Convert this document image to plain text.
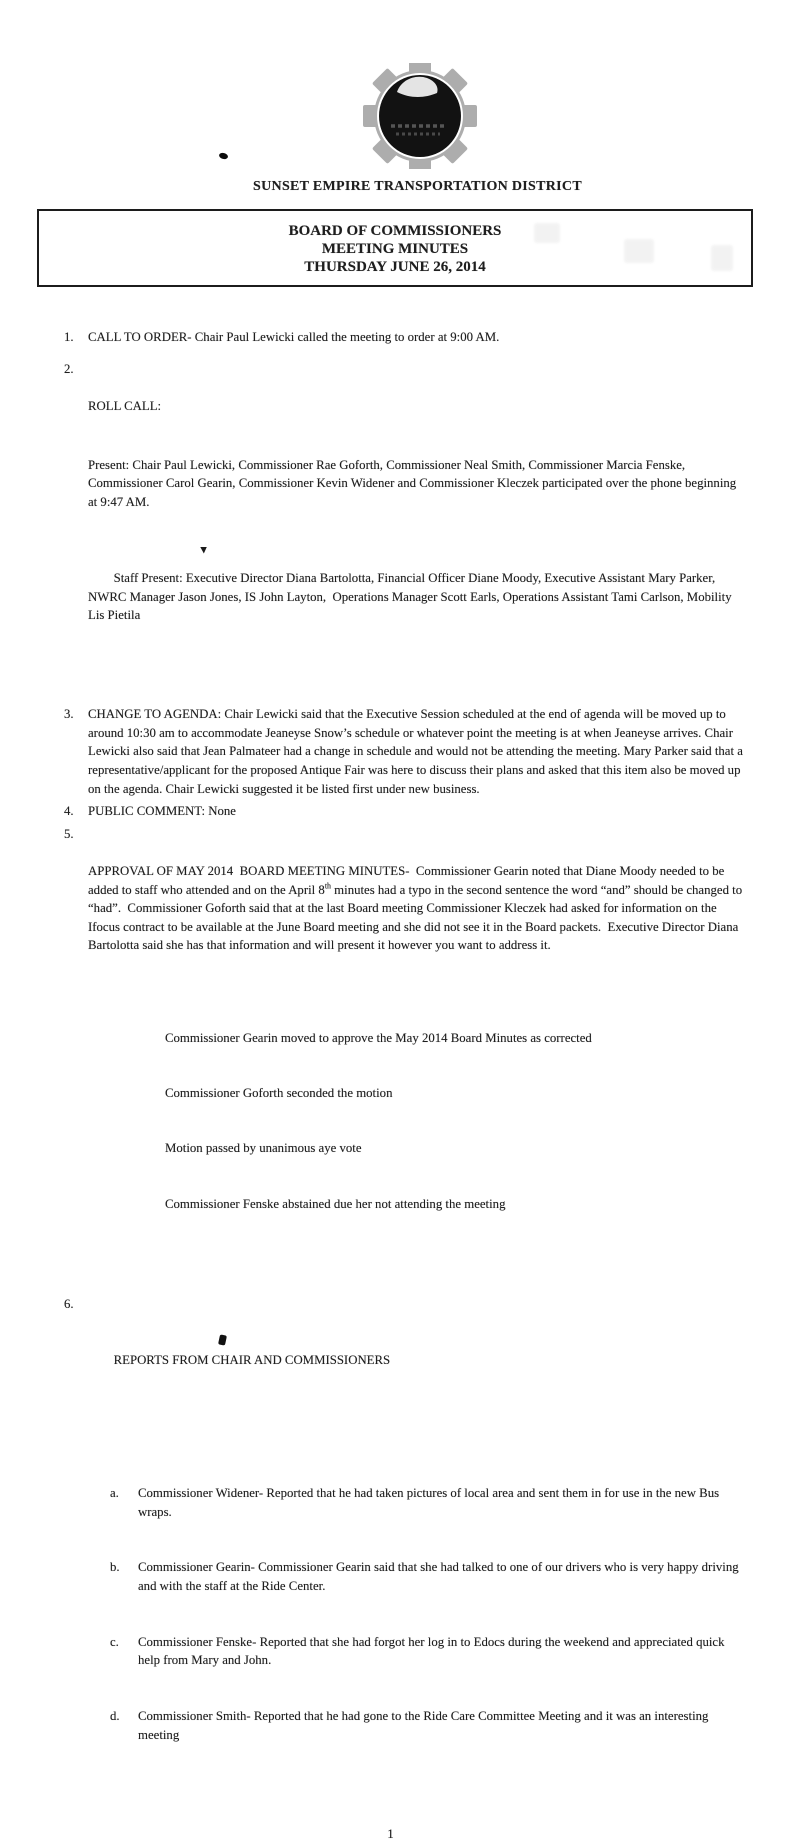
SUNSET EMPIRE TRANSPORTATION DISTRICT
BOARD OF COMMISSIONERS
MEETING MINUTES
THURSDAY JUNE 26, 2014
1.	CALL TO ORDER- Chair Paul Lewicki called the meeting to order at 9:00 AM.
2.

ROLL CALL:

Present: Chair Paul Lewicki, Commissioner Rae Goforth, Commissioner Neal Smith, Commissioner Marcia Fenske, Commissioner Carol Gearin, Commissioner Kevin Widener and Commissioner Kleczek participated over the phone beginning at 9:47 AM.

Staff Present: Executive Director Diana Bartolotta, Financial Officer Diane Moody, Executive Assistant Mary Parker, NWRC Manager Jason Jones, IS John Layton,  Operations Manager Scott Earls, Operations Assistant Tami Carlson, Mobility Lis Pietila

3.	CHANGE TO AGENDA: Chair Lewicki said that the Executive Session scheduled at the end of agenda will be moved up to around 10:30 am to accommodate Jeaneyse Snow’s schedule or whatever point the meeting is at when Jeaneyse arrives. Chair Lewicki also said that Jean Palmateer had a change in schedule and would not be attending the meeting. Mary Parker said that a representative/applicant for the proposed Antique Fair was here to discuss their plans and asked that this item also be moved up on the agenda. Chair Lewicki suggested it be listed first under new business.
4.	PUBLIC COMMENT: None
5.

APPROVAL OF MAY 2014  BOARD MEETING MINUTES-  Commissioner Gearin noted that Diane Moody needed to be added to staff who attended and on the April 8th minutes had a typo in the second sentence the word “and” should be changed to “had”.  Commissioner Goforth said that at the last Board meeting Commissioner Kleczek had asked for information on the Ifocus contract to be available at the June Board meeting and she did not see it in the Board packets.  Executive Director Diana Bartolotta said she has that information and will present it however you want to address it.

Commissioner Gearin moved to approve the May 2014 Board Minutes as corrected

Commissioner Goforth seconded the motion

Motion passed by unanimous aye vote

Commissioner Fenske abstained due her not attending the meeting

6.

REPORTS FROM CHAIR AND COMMISSIONERS

a.	Commissioner Widener- Reported that he had taken pictures of local area and sent them in for use in the new Bus wraps.

b.	Commissioner Gearin- Commissioner Gearin said that she had talked to one of our drivers who is very happy driving and with the staff at the Ride Center.

c.	Commissioner Fenske- Reported that she had forgot her log in to Edocs during the weekend and appreciated quick help from Mary and John.

d.	Commissioner Smith- Reported that he had gone to the Ride Care Committee Meeting and it was an interesting meeting

1
